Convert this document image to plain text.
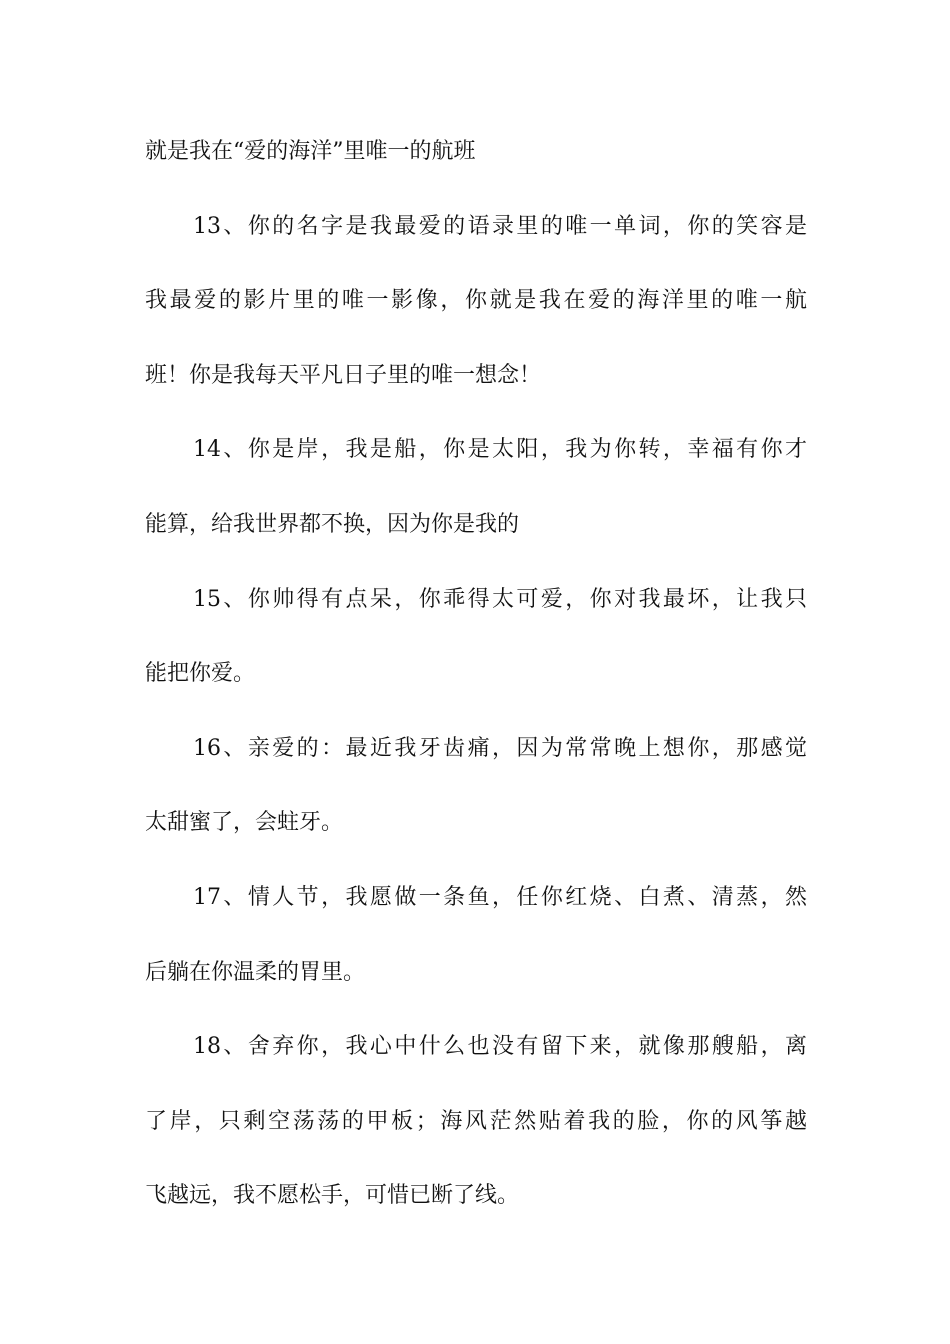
就是我在“爱的海洋”里唯一的航班
13、你的名字是我最爱的语录里的唯一单词，你的笑容是
我最爱的影片里的唯一影像，你就是我在爱的海洋里的唯一航
班！你是我每天平凡日子里的唯一想念！
14、你是岸，我是船，你是太阳，我为你转，幸福有你才
能算，给我世界都不换，因为你是我的
15、你帅得有点呆，你乖得太可爱，你对我最坏，让我只
能把你爱。
16、亲爱的：最近我牙齿痛，因为常常晚上想你，那感觉
太甜蜜了，会蛀牙。
17、情人节，我愿做一条鱼，任你红烧、白煮、清蒸，然
后躺在你温柔的胃里。
18、舍弃你，我心中什么也没有留下来，就像那艘船，离
了岸，只剩空荡荡的甲板；海风茫然贴着我的脸，你的风筝越
飞越远，我不愿松手，可惜已断了线。
